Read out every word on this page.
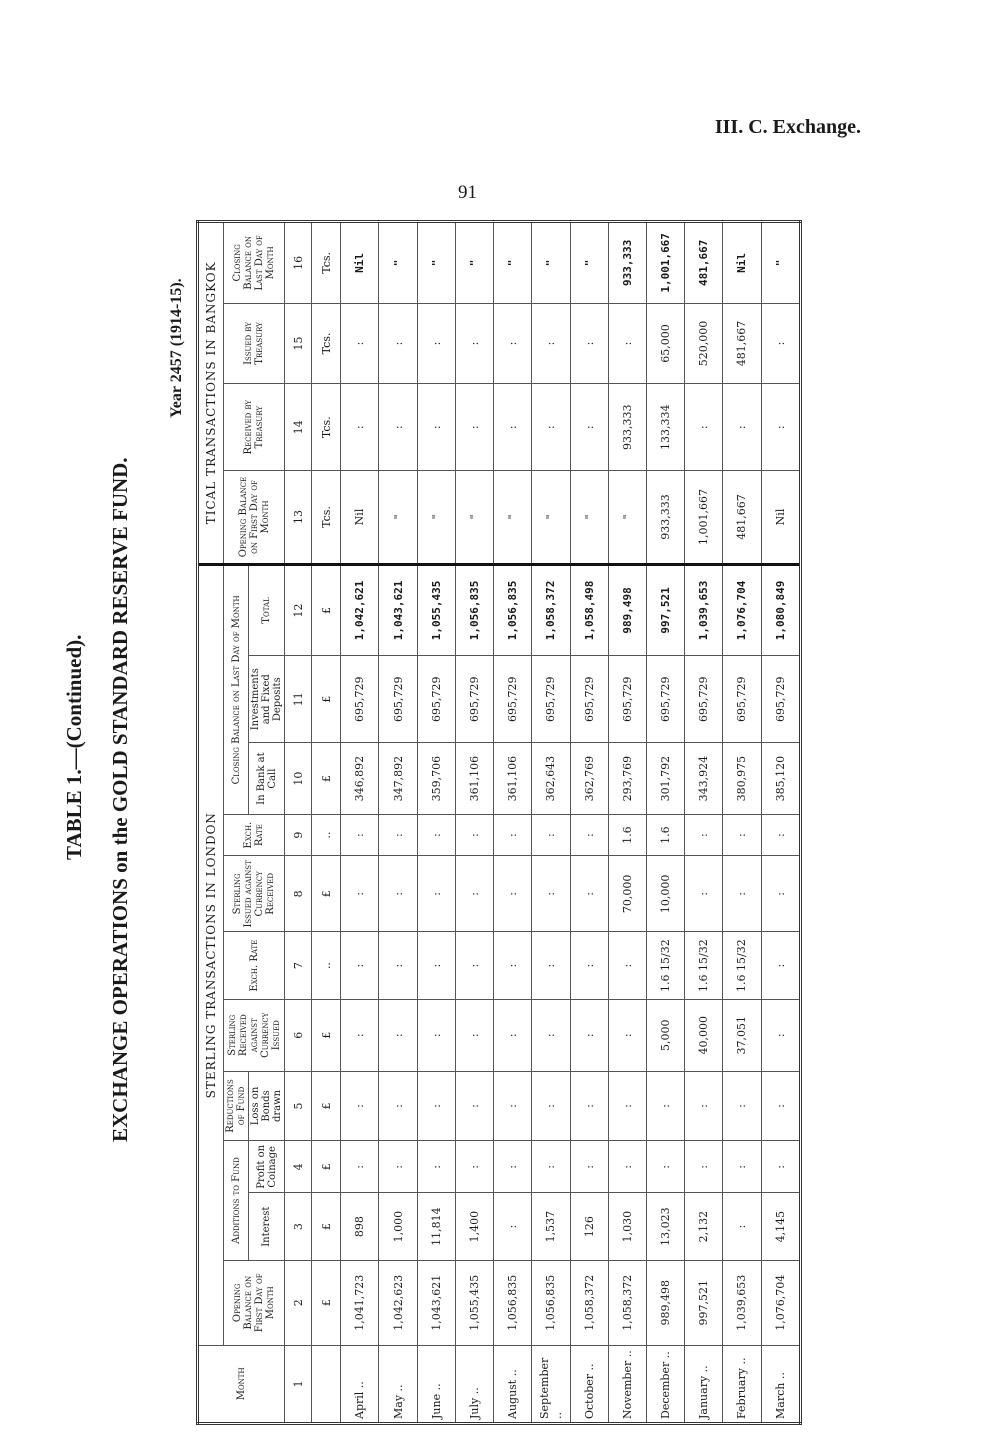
III. C. Exchange.
91
TABLE 1.—(Continued). EXCHANGE OPERATIONS on the GOLD STANDARD RESERVE FUND.
Year 2457 (1914-15).
Month	STERLING TRANSACTIONS IN LONDON											TICAL TRANSACTIONS IN BANGKOK			
	Opening Balance on First Day of Month	Additions to Fund		Reductions of Fund	Sterling Received against Currency Issued	Exch. Rate	Sterling Issued against Currency Received	Exch. Rate	Closing Balance on Last Day of Month			Opening Balance on First Day of Month	Received by Treasury	Issued by Treasury	Closing Balance on Last Day of Month
		Interest	Profit on Coinage	Loss on Bonds drawn					In Bank at Call	Investments and Fixed Deposits	Total				
1	2	3	4	5	6	7	8	9	10	11	12	13	14	15	16
	£	£	£	£	£	..	£	..	£	£	£	Tcs.	Tcs.	Tcs.	Tcs.
April ..	1,041,723	898	:	:	:	:	:	:	346,892	695,729	1,042,621	Nil	:	:	Nil
May ..	1,042,623	1,000	:	:	:	:	:	:	347,892	695,729	1,043,621	"	:	:	"
June ..	1,043,621	11,814	:	:	:	:	:	:	359,706	695,729	1,055,435	"	:	:	"
July ..	1,055,435	1,400	:	:	:	:	:	:	361,106	695,729	1,056,835	"	:	:	"
August ..	1,056,835	:	:	:	:	:	:	:	361,106	695,729	1,056,835	"	:	:	"
September ..	1,056,835	1,537	:	:	:	:	:	:	362,643	695,729	1,058,372	"	:	:	"
October ..	1,058,372	126	:	:	:	:	:	:	362,769	695,729	1,058,498	"	:	:	"
November ..	1,058,372	1,030	:	:	:	:	70,000	1.6	293,769	695,729	989,498	"	933,333	:	933,333
December ..	989,498	13,023	:	:	5,000	1.6 15/32	10,000	1.6	301,792	695,729	997,521	933,333	133,334	65,000	1,001,667
January ..	997,521	2,132	:	:	40,000	1.6 15/32	:	:	343,924	695,729	1,039,653	1,001,667	:	520,000	481,667
February ..	1,039,653	:	:	:	37,051	1.6 15/32	:	:	380,975	695,729	1,076,704	481,667	:	481,667	Nil
March ..	1,076,704	4,145	:	:	:	:	:	:	385,120	695,729	1,080,849	Nil	:	:	"
